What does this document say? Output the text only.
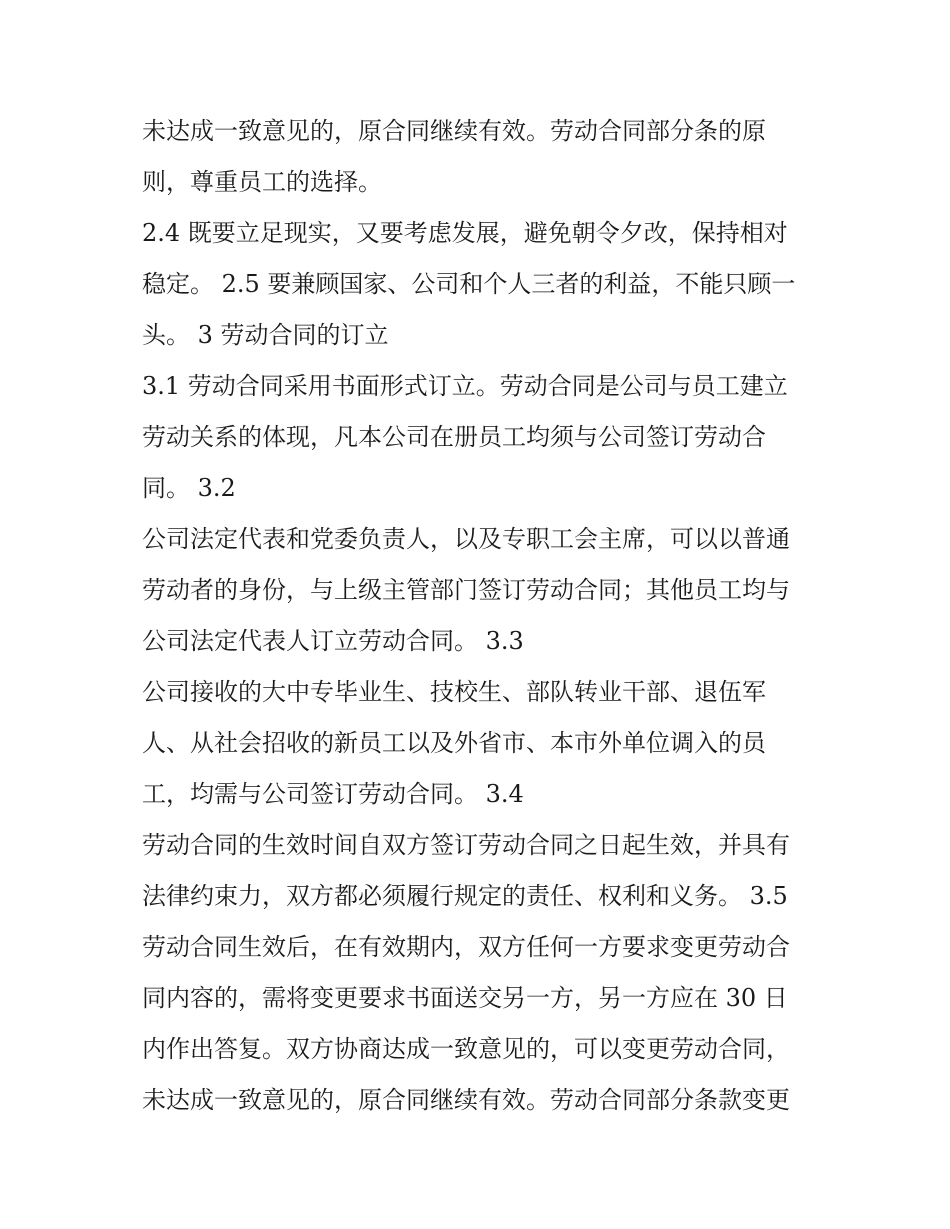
未达成一致意见的，原合同继续有效。劳动合同部分条的原
则，尊重员工的选择。
2.4 既要立足现实，又要考虑发展，避免朝令夕改，保持相对
稳定。 2.5 要兼顾国家、公司和个人三者的利益，不能只顾一
头。 3 劳动合同的订立
3.1 劳动合同采用书面形式订立。劳动合同是公司与员工建立
劳动关系的体现，凡本公司在册员工均须与公司签订劳动合
同。 3.2
公司法定代表和党委负责人，以及专职工会主席，可以以普通
劳动者的身份，与上级主管部门签订劳动合同；其他员工均与
公司法定代表人订立劳动合同。 3.3
公司接收的大中专毕业生、技校生、部队转业干部、退伍军
人、从社会招收的新员工以及外省市、本市外单位调入的员
工，均需与公司签订劳动合同。 3.4
劳动合同的生效时间自双方签订劳动合同之日起生效，并具有
法律约束力，双方都必须履行规定的责任、权利和义务。 3.5
劳动合同生效后，在有效期内，双方任何一方要求变更劳动合
同内容的，需将变更要求书面送交另一方，另一方应在 30 日
内作出答复。双方协商达成一致意见的，可以变更劳动合同，
未达成一致意见的，原合同继续有效。劳动合同部分条款变更
